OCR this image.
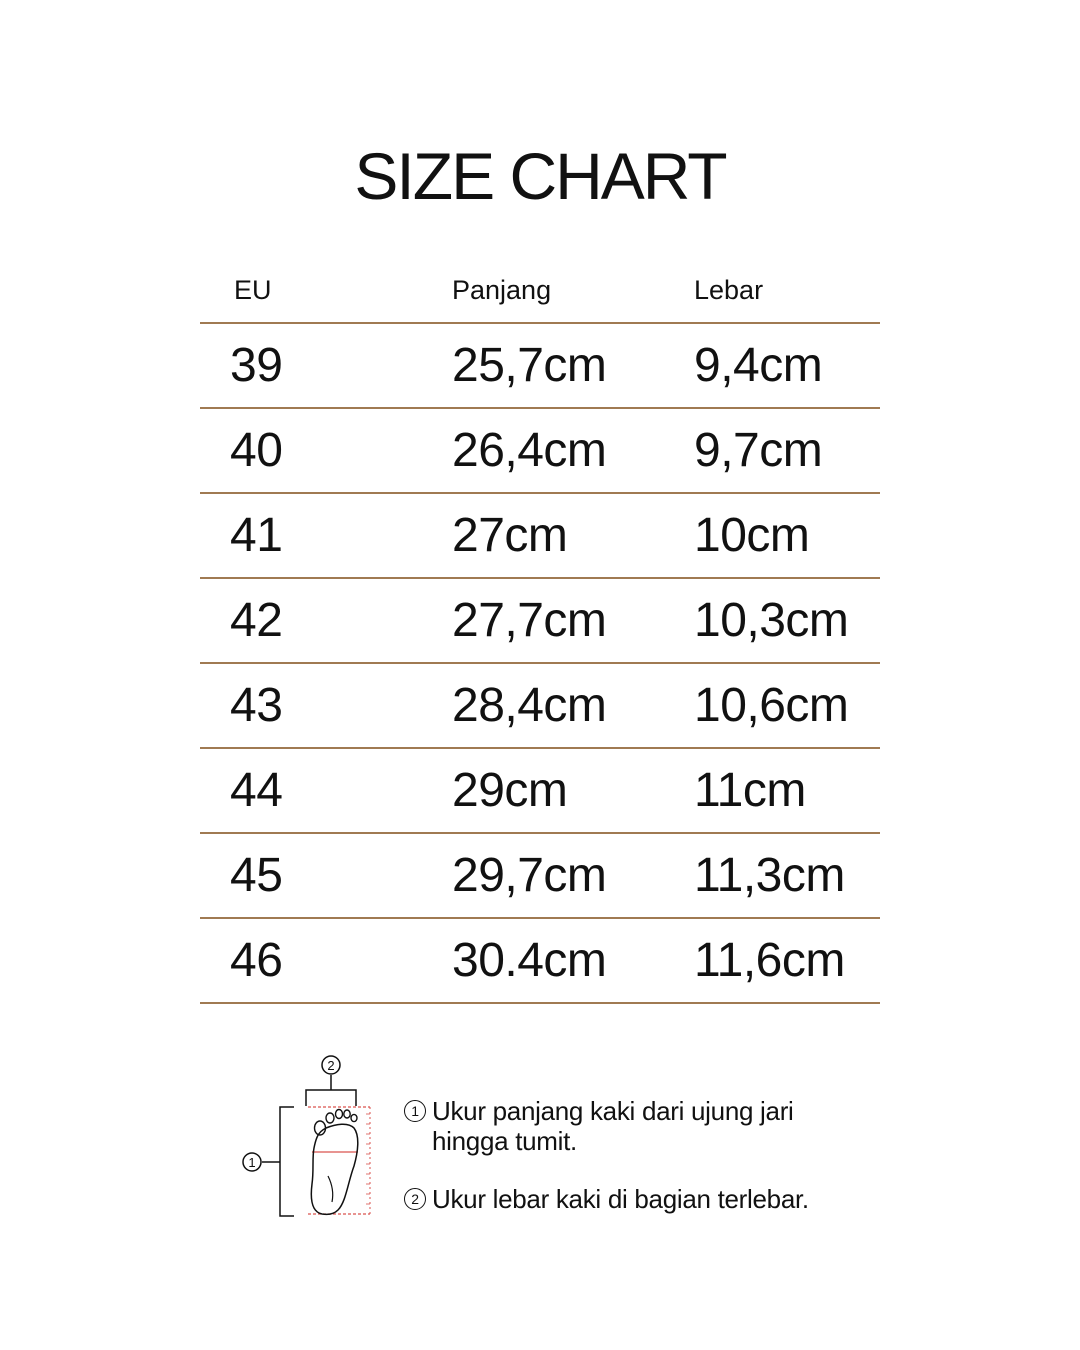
SIZE CHART
EU	Panjang	Lebar
39	25,7cm 9,4cm
40	26,4cm 9,7cm
41	27cm	10cm
42	27,7cm 10,3cm
43	28,4cm 10,6cm
44	29cm	11cm
45	29,7cm 11,3cm
46	30.4cm 11,6cm
2
1
1 Ukur panjang kaki dari ujung jari hingga tumit.
2 Ukur lebar kaki di bagian terlebar.
